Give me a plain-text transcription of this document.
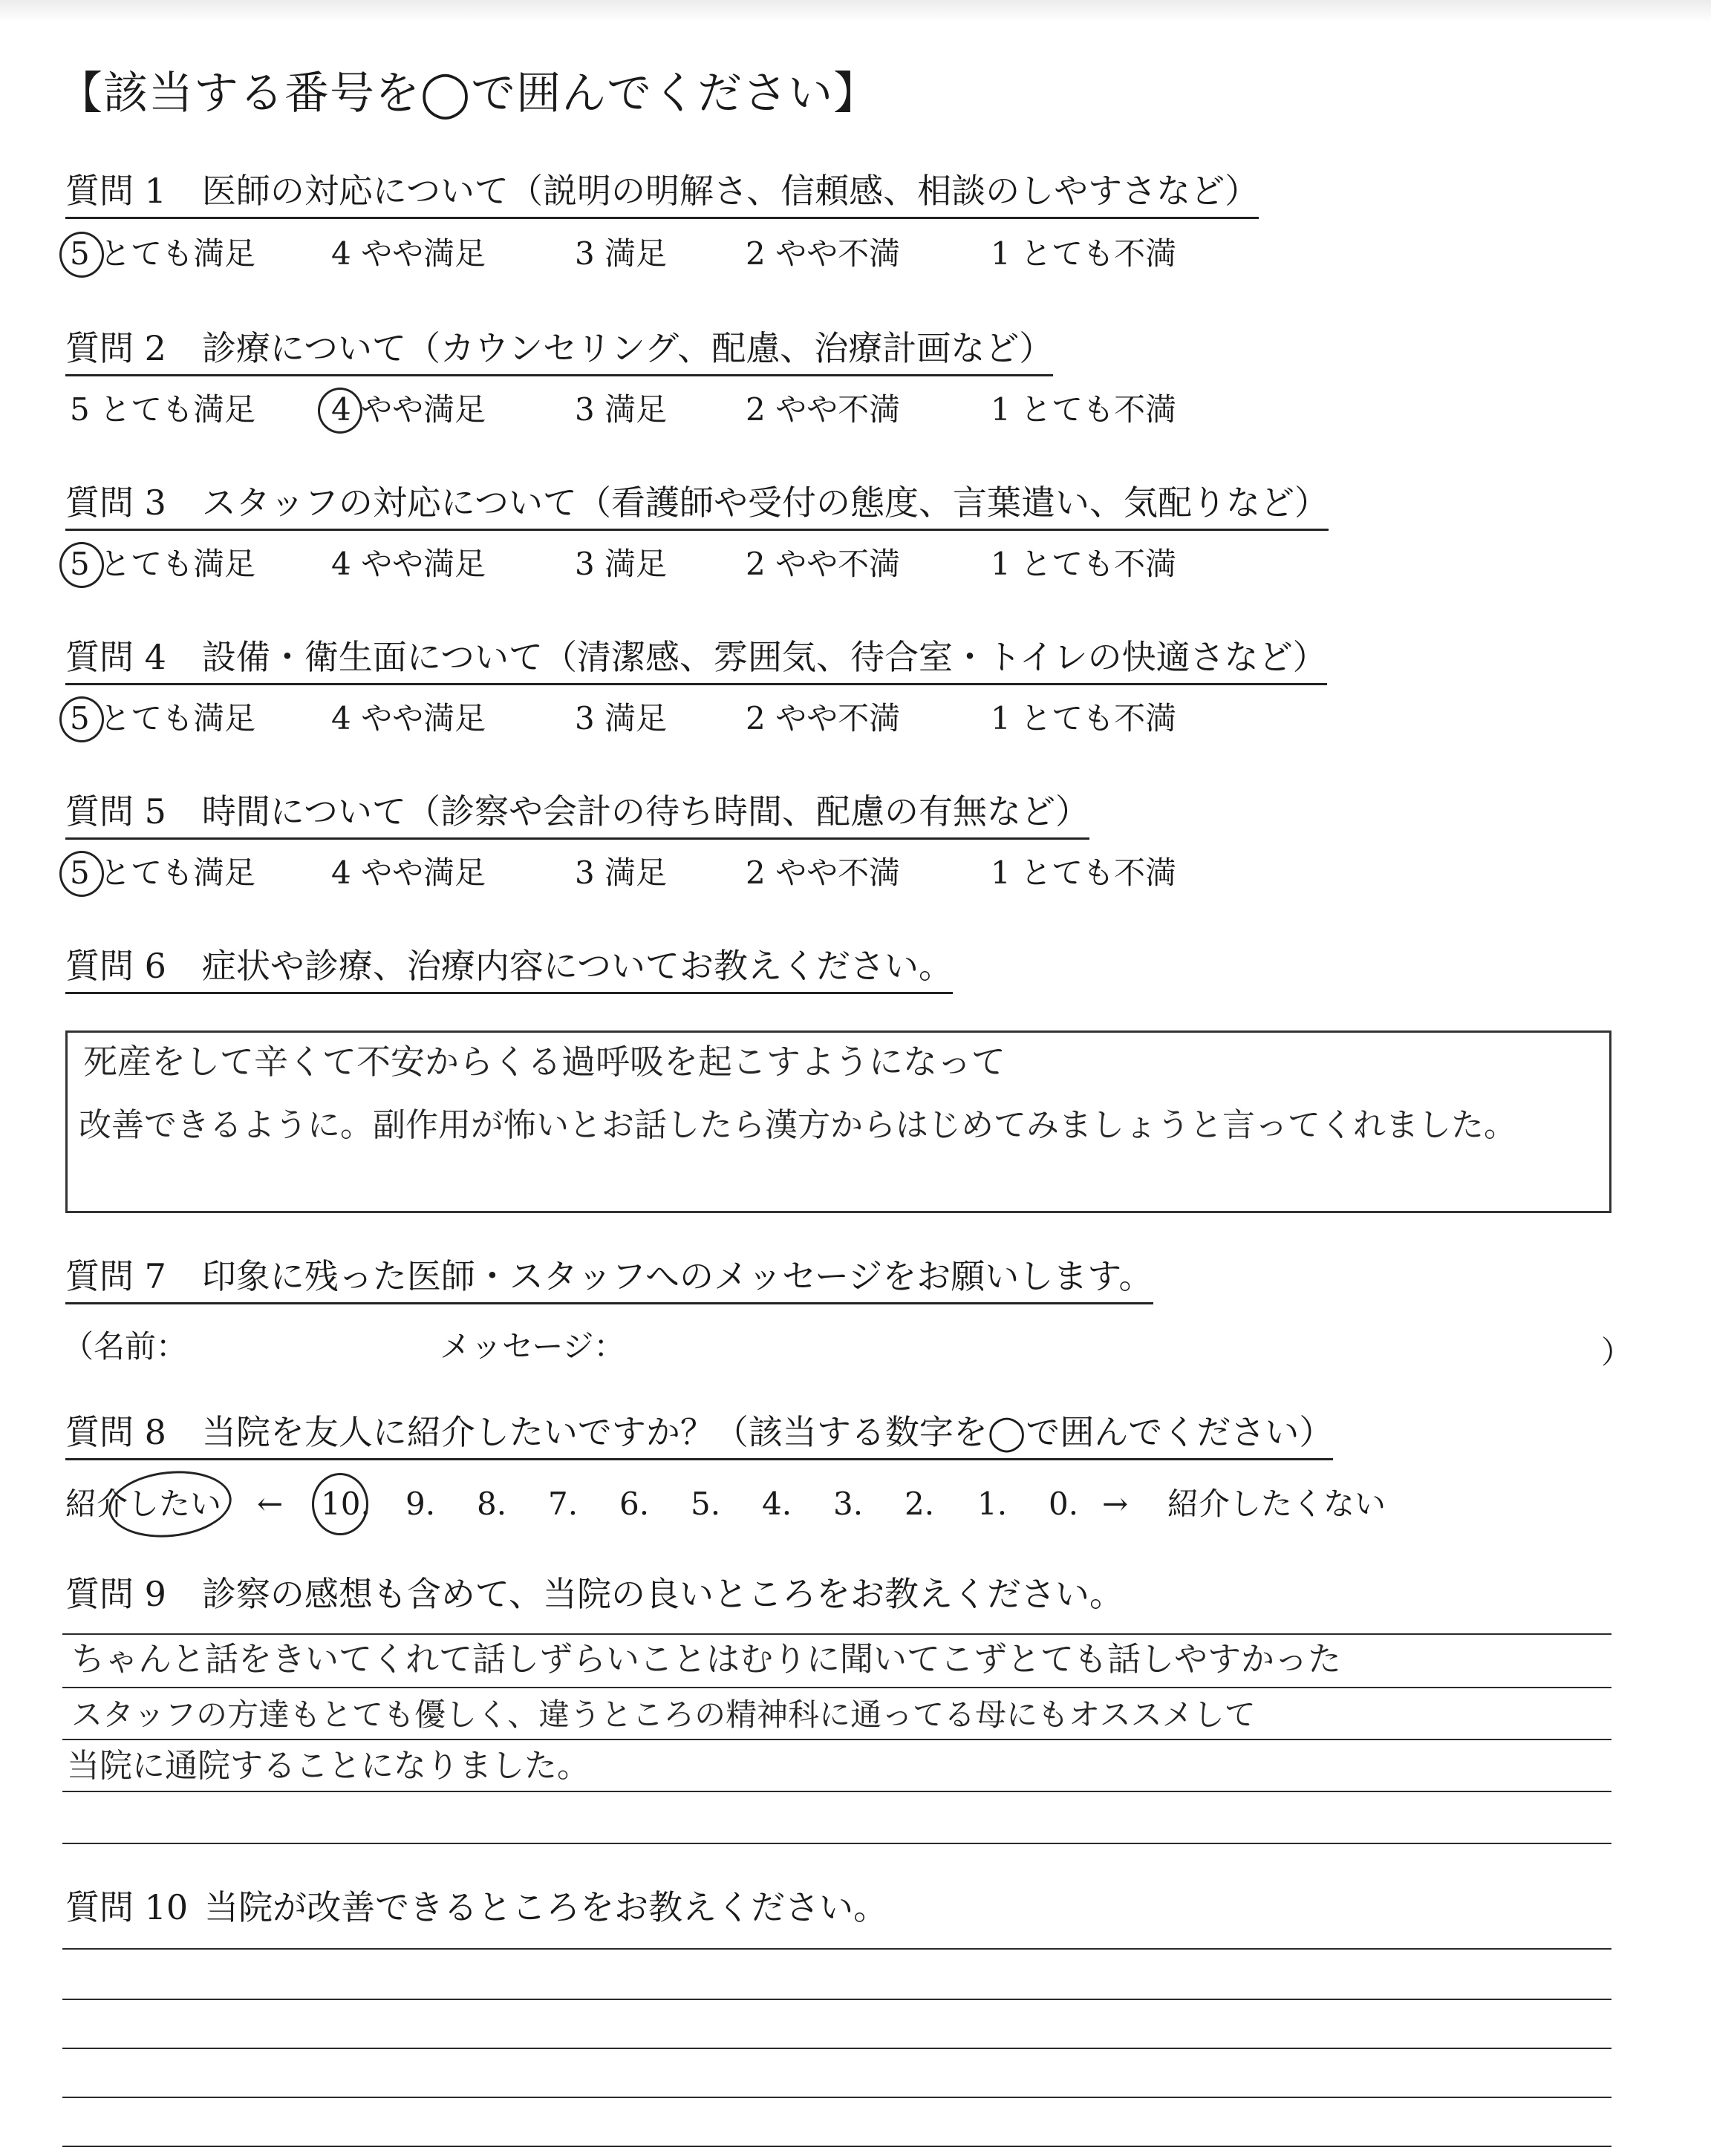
【該当する番号を◯で囲んでください】
質問 1 医師の対応について（説明の明解さ、信頼感、相談のしやすさなど）
5 とても満足 4 やや満足	3 満足	2 やや不満	1 とても不満
質問 2 診療について（カウンセリング、配慮、治療計画など）
5 とても満足 4 やや満足	3 満足	2 やや不満	1 とても不満
質問 3 スタッフの対応について（看護師や受付の態度、言葉遣い、気配りなど）
5 とても満足 4 やや満足	3 満足	2 やや不満	1 とても不満
質問 4 設備・衛生面について（清潔感、雰囲気、待合室・トイレの快適さなど）
5 とても満足 4 やや満足	3 満足	2 やや不満	1 とても不満
質問 5 時間について（診察や会計の待ち時間、配慮の有無など）
5 とても満足 4 やや満足	3 満足	2 やや不満	1 とても不満
質問 6 症状や診療、治療内容についてお教えください。
死産をして辛くて不安からくる過呼吸を起こすようになって
改善できるように。副作用が怖いとお話したら漢方からはじめてみましょうと言ってくれました。
質問 7 印象に残った医師・スタッフへのメッセージをお願いします。
（名前：	メッセージ：	）
質問 8 当院を友人に紹介したいですか？（該当する数字を◯で囲んでください）
紹介したい ← 10. 9. 8. 7. 6. 5. 4. 3. 2. 1. 0. → 紹介したくない
質問 9 診察の感想も含めて、当院の良いところをお教えください。
ちゃんと話をきいてくれて話しずらいことはむりに聞いてこずとても話しやすかった
スタッフの方達もとても優しく、違うところの精神科に通ってる母にもオススメして
当院に通院することになりました。
質問 10 当院が改善できるところをお教えください。
